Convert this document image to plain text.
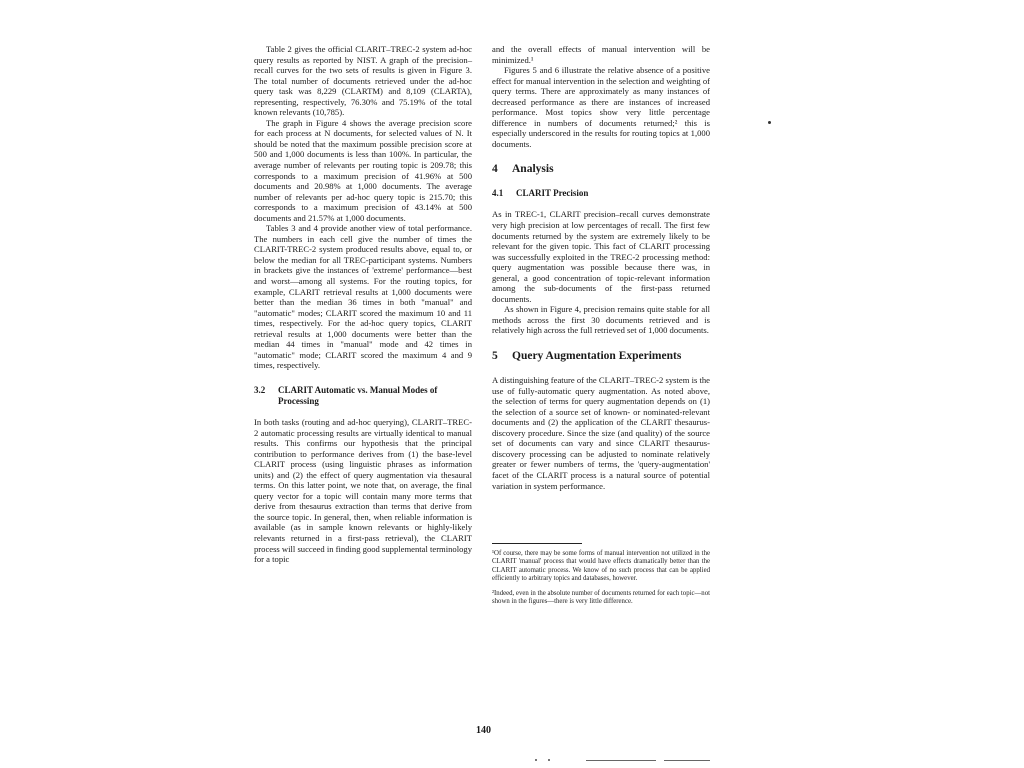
Table 2 gives the official CLARIT–TREC-2 system ad-hoc query results as reported by NIST. A graph of the precision–recall curves for the two sets of results is given in Figure 3. The total number of documents retrieved under the ad-hoc query task was 8,229 (CLARTM) and 8,109 (CLARTA), representing, respectively, 76.30% and 75.19% of the total known relevants (10,785).

The graph in Figure 4 shows the average precision score for each process at N documents, for selected values of N. It should be noted that the maximum possible precision score at 500 and 1,000 documents is less than 100%. In particular, the average number of relevants per routing topic is 209.78; this corresponds to a maximum precision of 41.96% at 500 documents and 20.98% at 1,000 documents. The average number of relevants per ad-hoc query topic is 215.70; this corresponds to a maximum precision of 43.14% at 500 documents and 21.57% at 1,000 documents.

Tables 3 and 4 provide another view of total performance. The numbers in each cell give the number of times the CLARIT-TREC-2 system produced results above, equal to, or below the median for all TREC-participant systems. Numbers in brackets give the instances of 'extreme' performance—best and worst—among all systems. For the routing topics, for example, CLARIT retrieval results at 1,000 documents were better than the median 36 times in both "manual" and "automatic" modes; CLARIT scored the maximum 10 and 11 times, respectively. For the ad-hoc query topics, CLARIT retrieval results at 1,000 documents were better than the median 44 times in "manual" mode and 42 times in "automatic" mode; CLARIT scored the maximum 4 and 9 times, respectively.

3.2	CLARIT Automatic vs. Manual Modes of Processing

In both tasks (routing and ad-hoc querying), CLARIT–TREC-2 automatic processing results are virtually identical to manual results. This confirms our hypothesis that the principal contribution to performance derives from (1) the base-level CLARIT process (using linguistic phrases as information units) and (2) the effect of query augmentation via thesaural terms. On this latter point, we note that, on average, the final query vector for a topic will contain many more terms that derive from thesaurus extraction than terms that derive from the source topic. In general, then, when reliable information is available (as in sample known relevants or highly-likely relevants returned in a first-pass retrieval), the CLARIT process will succeed in finding good supplemental terminology for a topic

and the overall effects of manual intervention will be minimized.¹

Figures 5 and 6 illustrate the relative absence of a positive effect for manual intervention in the selection and weighting of query terms. There are approximately as many instances of decreased performance as there are instances of increased performance. Most topics show very little percentage difference in numbers of documents returned;² this is especially underscored in the results for routing topics at 1,000 documents.

4	Analysis
4.1	CLARIT Precision

As in TREC-1, CLARIT precision–recall curves demonstrate very high precision at low percentages of recall. The first few documents returned by the system are extremely likely to be relevant for the given topic. This fact of CLARIT processing was successfully exploited in the TREC-2 processing method: query augmentation was possible because there was, in general, a good concentration of topic-relevant information among the sub-documents of the first-pass returned documents.

As shown in Figure 4, precision remains quite stable for all methods across the first 30 documents retrieved and is relatively high across the full retrieved set of 1,000 documents.

5	Query Augmentation Experiments

A distinguishing feature of the CLARIT–TREC-2 system is the use of fully-automatic query augmentation. As noted above, the selection of terms for query augmentation depends on (1) the selection of a source set of known- or nominated-relevant documents and (2) the application of the CLARIT thesaurus-discovery procedure. Since the size (and quality) of the source set of documents can vary and since CLARIT thesaurus-discovery processing can be adjusted to nominate relatively greater or fewer numbers of terms, the 'query-augmentation' facet of the CLARIT process is a natural source of potential variation in system performance.

¹Of course, there may be some forms of manual intervention not utilized in the CLARIT 'manual' process that would have effects dramatically better than the CLARIT automatic process. We know of no such process that can be applied efficiently to arbitrary topics and databases, however.
²Indeed, even in the absolute number of documents returned for each topic—not shown in the figures—there is very little difference.
140
